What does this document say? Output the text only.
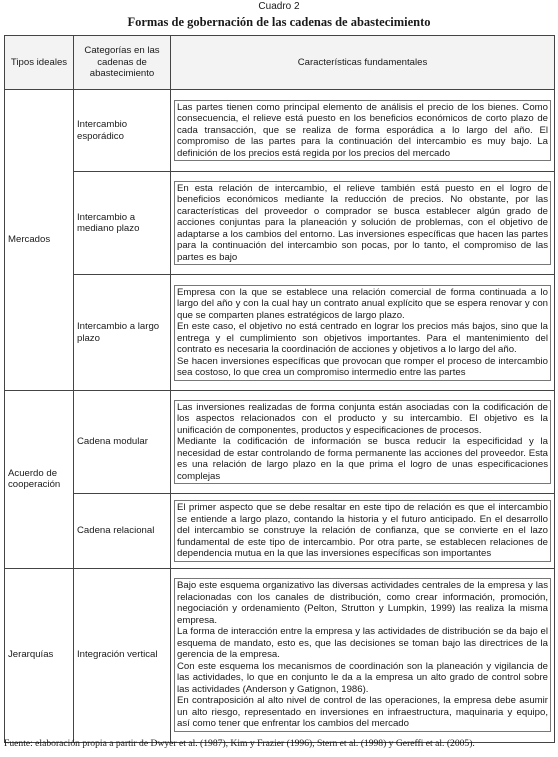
Cuadro 2
Formas de gobernación de las cadenas de abastecimiento
Tipos ideales	Categorías en las cadenas de abastecimiento	Características fundamentales
Mercados	Intercambio esporádico	Las partes tienen como principal elemento de análisis el precio de los bienes. Como consecuencia, el relieve está puesto en los beneficios económicos de corto plazo de cada transacción, que se realiza de forma esporádica a lo largo del año. El compromiso de las partes para la continuación del intercambio es muy bajo. La definición de los precios está regida por los precios del mercado

	Intercambio a mediano plazo	En esta relación de intercambio, el relieve también está puesto en el logro de beneficios económicos mediante la reducción de precios. No obstante, por las características del proveedor o comprador se busca establecer algún grado de acciones conjuntas para la planeación y solución de problemas, con el objetivo de adaptarse a los cambios del entorno. Las inversiones específicas que hacen las partes para la continuación del intercambio son pocas, por lo tanto, el compromiso de las partes es bajo

	Intercambio a largo plazo	Empresa con la que se establece una relación comercial de forma continuada a lo largo del año y con la cual hay un contrato anual explícito que se espera renovar y con que se comparten planes estratégicos de largo plazo.

En este caso, el objetivo no está centrado en lograr los precios más bajos, sino que la entrega y el cumplimiento son objetivos importantes. Para el mantenimiento del contrato es necesaria la coordinación de acciones y objetivos a lo largo del año.

Se hacen inversiones específicas que provocan que romper el proceso de intercambio sea costoso, lo que crea un compromiso intermedio entre las partes

Acuerdo de cooperación	Cadena modular	Las inversiones realizadas de forma conjunta están asociadas con la codificación de los aspectos relacionados con el producto y su intercambio. El objetivo es la unificación de componentes, productos y especificaciones de procesos.

Mediante la codificación de información se busca reducir la especificidad y la necesidad de estar controlando de forma permanente las acciones del proveedor. Esta es una relación de largo plazo en la que prima el logro de unas especificaciones complejas

	Cadena relacional	El primer aspecto que se debe resaltar en este tipo de relación es que el intercambio se entiende a largo plazo, contando la historia y el futuro anticipado. En el desarrollo del intercambio se construye la relación de confianza, que se convierte en el lazo fundamental de este tipo de intercambio. Por otra parte, se establecen relaciones de dependencia mutua en la que las inversiones específicas son importantes

Jerarquías	Integración vertical	Bajo este esquema organizativo las diversas actividades centrales de la empresa y las relacionadas con los canales de distribución, como crear información, promoción, negociación y ordenamiento (Pelton, Strutton y Lumpkin, 1999) las realiza la misma empresa.

La forma de interacción entre la empresa y las actividades de distribución se da bajo el esquema de mandato, esto es, que las decisiones se toman bajo las directrices de la gerencia de la empresa.

Con este esquema los mecanismos de coordinación son la planeación y vigilancia de las actividades, lo que en conjunto le da a la empresa un alto grado de control sobre las actividades (Anderson y Gatignon, 1986).

En contraposición al alto nivel de control de las operaciones, la empresa debe asumir un alto riesgo, representado en inversiones en infraestructura, maquinaria y equipo, así como tener que enfrentar los cambios del mercado

Fuente: elaboración propia a partir de Dwyer et al. (1987), Kim y Frazier (1996), Stern et al. (1998) y Gereffi et al. (2005).
